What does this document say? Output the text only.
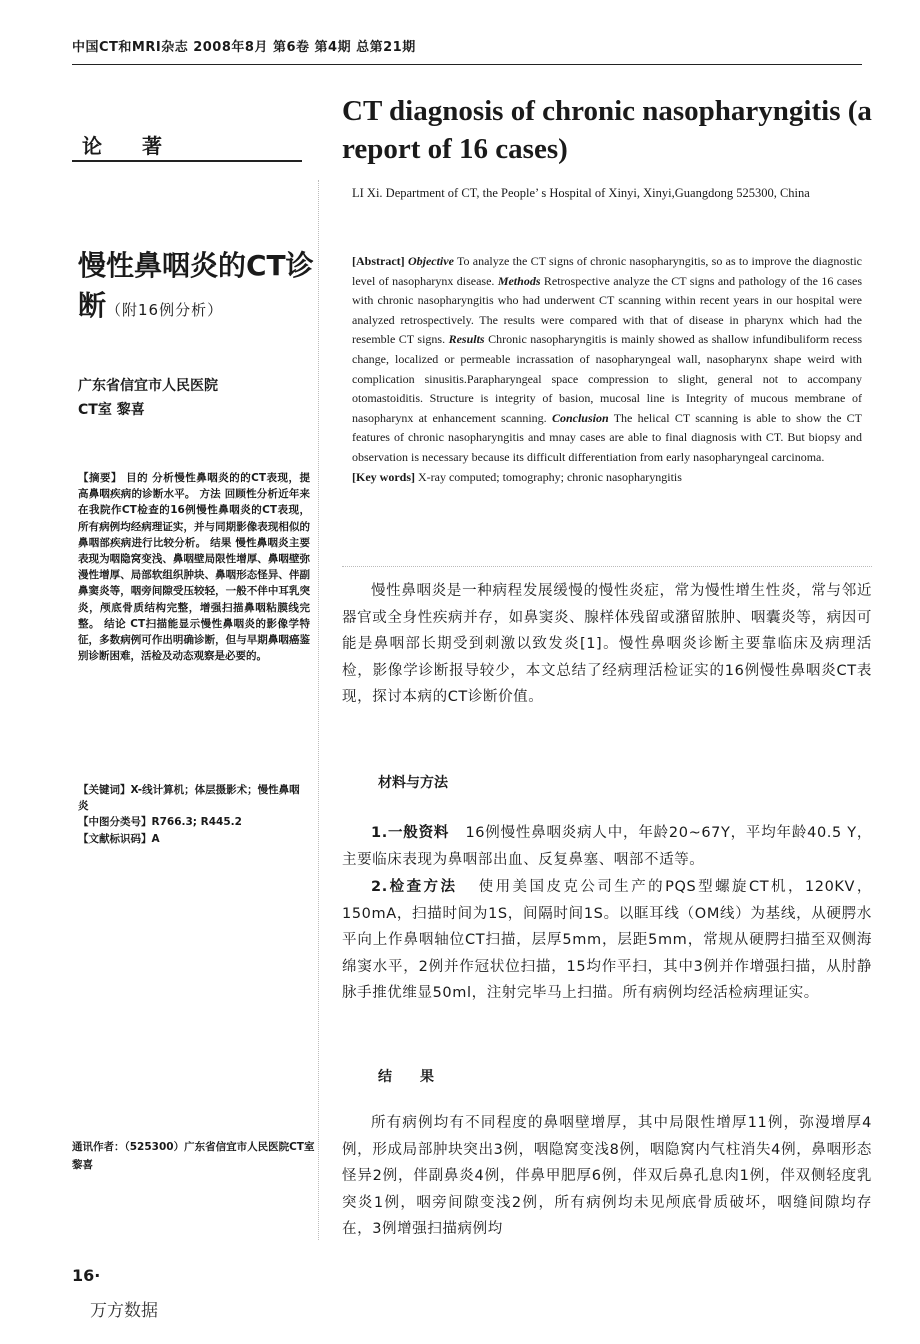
中国CT和MRI杂志 2008年8月 第6卷 第4期 总第21期
论著
CT diagnosis of chronic nasopharyngitis (a report of 16 cases)
LI Xi. Department of CT, the People’ s Hospital of Xinyi, Xinyi,Guangdong 525300, China
慢性鼻咽炎的CT诊断（附16例分析）
广东省信宜市人民医院
CT室 黎喜
【摘要】 目的 分析慢性鼻咽炎的的CT表现，提高鼻咽疾病的诊断水平。 方法 回顾性分析近年来在我院作CT检查的16例慢性鼻咽炎的CT表现，所有病例均经病理证实，并与同期影像表现相似的鼻咽部疾病进行比较分析。 结果 慢性鼻咽炎主要表现为咽隐窝变浅、鼻咽壁局限性增厚、鼻咽壁弥漫性增厚、局部软组织肿块、鼻咽形态怪异、伴副鼻窦炎等，咽旁间隙受压较轻，一般不伴中耳乳突炎，颅底骨质结构完整，增强扫描鼻咽粘膜线完整。 结论 CT扫描能显示慢性鼻咽炎的影像学特征，多数病例可作出明确诊断，但与早期鼻咽癌鉴别诊断困难，活检及动态观察是必要的。
【关键词】X-线计算机；体层摄影术；慢性鼻咽炎
【中图分类号】R766.3; R445.2
【文献标识码】A
[Abstract] Objective To analyze the CT signs of chronic nasopharyngitis, so as to improve the diagnostic level of nasopharynx disease. Methods Retrospective analyze the CT signs and pathology of the 16 cases with chronic nasopharyngitis who had underwent CT scanning within recent years in our hospital were analyzed retrospectively. The results were compared with that of disease in pharynx which had the resemble CT signs. Results Chronic nasopharyngitis is mainly showed as shallow infundibuliform recess change, localized or permeable incrassation of nasopharyngeal wall, nasopharynx shape weird with complication sinusitis.Parapharyngeal space compression to slight, general not to accompany otomastoiditis. Structure is integrity of basion, mucosal line is Integrity of mucous membrane of nasopharynx at enhancement scanning. Conclusion The helical CT scanning is able to show the CT features of chronic nasopharyngitis and mnay cases are able to final diagnosis with CT. But biopsy and observation is necessary because its difficult differentiation from early nasopharyngeal carcinoma.
[Key words] X-ray computed; tomography; chronic nasopharyngitis
慢性鼻咽炎是一种病程发展缓慢的慢性炎症，常为慢性增生性炎，常与邻近器官或全身性疾病并存，如鼻窦炎、腺样体残留或潴留脓肿、咽囊炎等，病因可能是鼻咽部长期受到刺激以致发炎[1]。慢性鼻咽炎诊断主要靠临床及病理活检，影像学诊断报导较少，本文总结了经病理活检证实的16例慢性鼻咽炎CT表现，探讨本病的CT诊断价值。
材料与方法
1.一般资料 16例慢性鼻咽炎病人中，年龄20~67Y，平均年龄40.5 Y，主要临床表现为鼻咽部出血、反复鼻塞、咽部不适等。
2.检查方法 使用美国皮克公司生产的PQS型螺旋CT机，120KV，150mA，扫描时间为1S，间隔时间1S。以眶耳线（OM线）为基线，从硬腭水平向上作鼻咽轴位CT扫描，层厚5mm，层距5mm，常规从硬腭扫描至双侧海绵窦水平，2例并作冠状位扫描，15均作平扫，其中3例并作增强扫描，从肘静脉手推优维显50ml，注射完毕马上扫描。所有病例均经活检病理证实。
结果
所有病例均有不同程度的鼻咽壁增厚，其中局限性增厚11例，弥漫增厚4例，形成局部肿块突出3例，咽隐窝变浅8例，咽隐窝内气柱消失4例，鼻咽形态怪异2例，伴副鼻炎4例，伴鼻甲肥厚6例，伴双后鼻孔息肉1例，伴双侧轻度乳突炎1例，咽旁间隙变浅2例，所有病例均未见颅底骨质破坏，咽缝间隙均存在，3例增强扫描病例均
通讯作者：（525300）广东省信宜市人民医院CT室 黎喜
16·
万方数据
